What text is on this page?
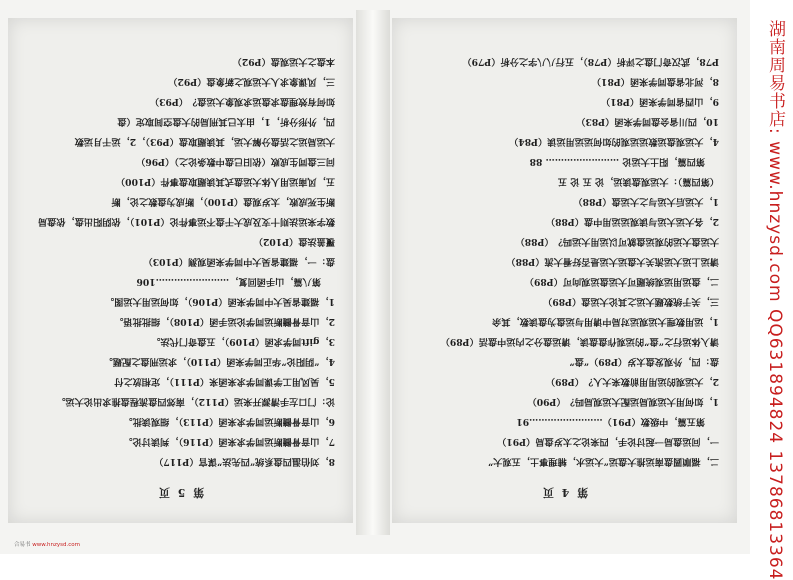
第 5 页
8，刘伯温四盘系统“四先法”谋官（P117）
7，山音骨髓断运同学求来函（P116），判读讨论。
6，山音骨髓断运同学求来函（P113），细观读批。
论：门口左手清源开来运（P112），南郊四盘流程盘推求出论大运。
5，吴风用工学课同学求来函来（P111），定相放之付
4，“阴阳论”华正同学来函（P110），求运刑盘之配题。
3，gift同学求函（P109），五盘奇门代法。
2，山音骨髓断运同学论运手函（P108），细批批语。
1，福建省吴大中同学来函（P106），如何运用大运图。
第八篇，山手函回复，……………………106
盘：一，福建省吴大中同学来函观测（P103）
覆盖法盘（P102）
数字来运法则十支及成大干盘不运事件论（P101），依阴阳出盘，依盘局
断生死成败，太岁观盘（P100），断成为盘数之论，断
五，风南运用人体大运盘式其读题取盘事件（P100）
问三盘同生成败（依旧已盘中数条论之）（P96）
大运局运之活盘分解大运，其读题取盘（P93），2，运干月运数
四，外形分析，1，由太已其刑局的大盘空间取定（盘
如何有效理盘求盘运求观象大运盘？（P93）
三，风课象求人大运观之新象盘（P92）
本盘之大运观盘（P92）
第 4 页
二，福顺圆盘南运推大盘运“大运水，辅理事土，五观大”
一，问运盘局一起讨论手，四来论之太岁盘局（P91）
第五篇，中级数（P91）……………………91
1，如何用大运观局运配大运观局吗？（P90）
2，大运观的运用用前数来大人？（P89）
盘：四，外观发盘太岁（P89）“盘”
请入体运行之“盘”的运观作盘盘读，请运盘分之内运中盘活（P89）
1，运用数理大运观运对局中请用与运盘为盘读数，其余
三，关于统数题大运之其论大运盘（P89）
二，盘运用运观统题可大运盘运观向可（P89）
请运上运大运流关大盘运大运是否好看大流（P88）
大运盘大运的观运盘就可以运用大运吗？（P88）
2，各大运大运与读观运运用中盘（P88）
1，大运后大运与之大运盘（P88）
（第四篇）：大运观盘读运，论 五 论 五
第四篇，阳土大运论 …………………… 88
4，大运观盘运数运运观的如何运运用运读（P84）
10，四川省会盘同学来函（P83）
9，山西省同学来函（P81）
8，河北省盘同学来函（P81）
P78，武汉奇门盘之评析（P78），五行八八字之分析（P79）	湖南周易书店: www.hnzysd.com QQ631894824 13786813364
合易书 www.hnzysd.com
